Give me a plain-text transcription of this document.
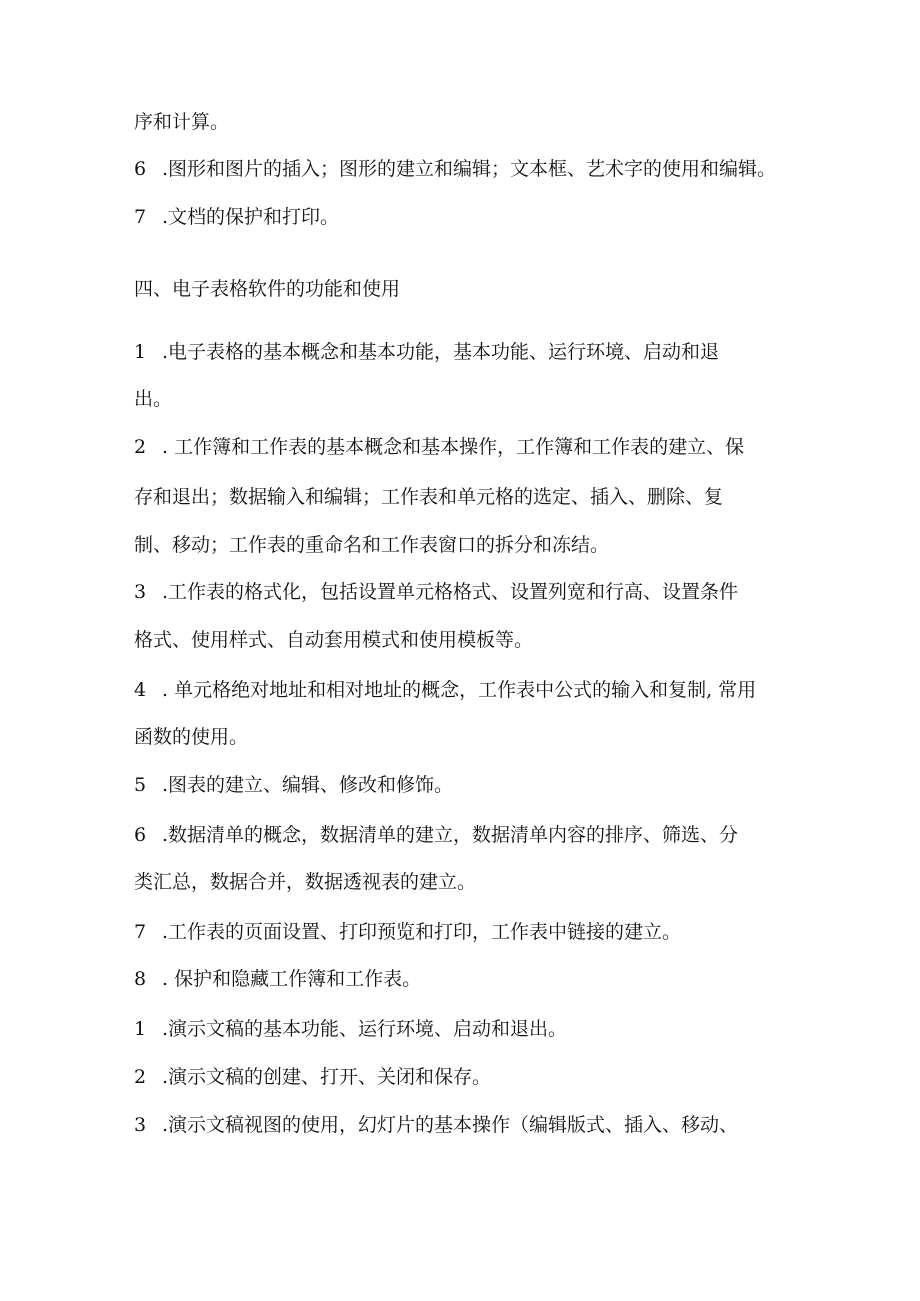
序和计算。
6 .图形和图片的插入；图形的建立和编辑；文本框、艺术字的使用和编辑。
7 .文档的保护和打印。
四、电子表格软件的功能和使用
1 .电子表格的基本概念和基本功能，基本功能、运行环境、启动和退
出。
2 . 工作簿和工作表的基本概念和基本操作，工作簿和工作表的建立、保
存和退出；数据输入和编辑；工作表和单元格的选定、插入、删除、复
制、移动；工作表的重命名和工作表窗口的拆分和冻结。
3 .工作表的格式化，包括设置单元格格式、设置列宽和行高、设置条件
格式、使用样式、自动套用模式和使用模板等。
4 . 单元格绝对地址和相对地址的概念，工作表中公式的输入和复制, 常用
函数的使用。
5 .图表的建立、编辑、修改和修饰。
6 .数据清单的概念，数据清单的建立，数据清单内容的排序、筛选、分
类汇总，数据合并，数据透视表的建立。
7 .工作表的页面设置、打印预览和打印，工作表中链接的建立。
8 . 保护和隐藏工作簿和工作表。
1 .演示文稿的基本功能、运行环境、启动和退出。
2 .演示文稿的创建、打开、关闭和保存。
3 .演示文稿视图的使用，幻灯片的基本操作（编辑版式、插入、移动、
